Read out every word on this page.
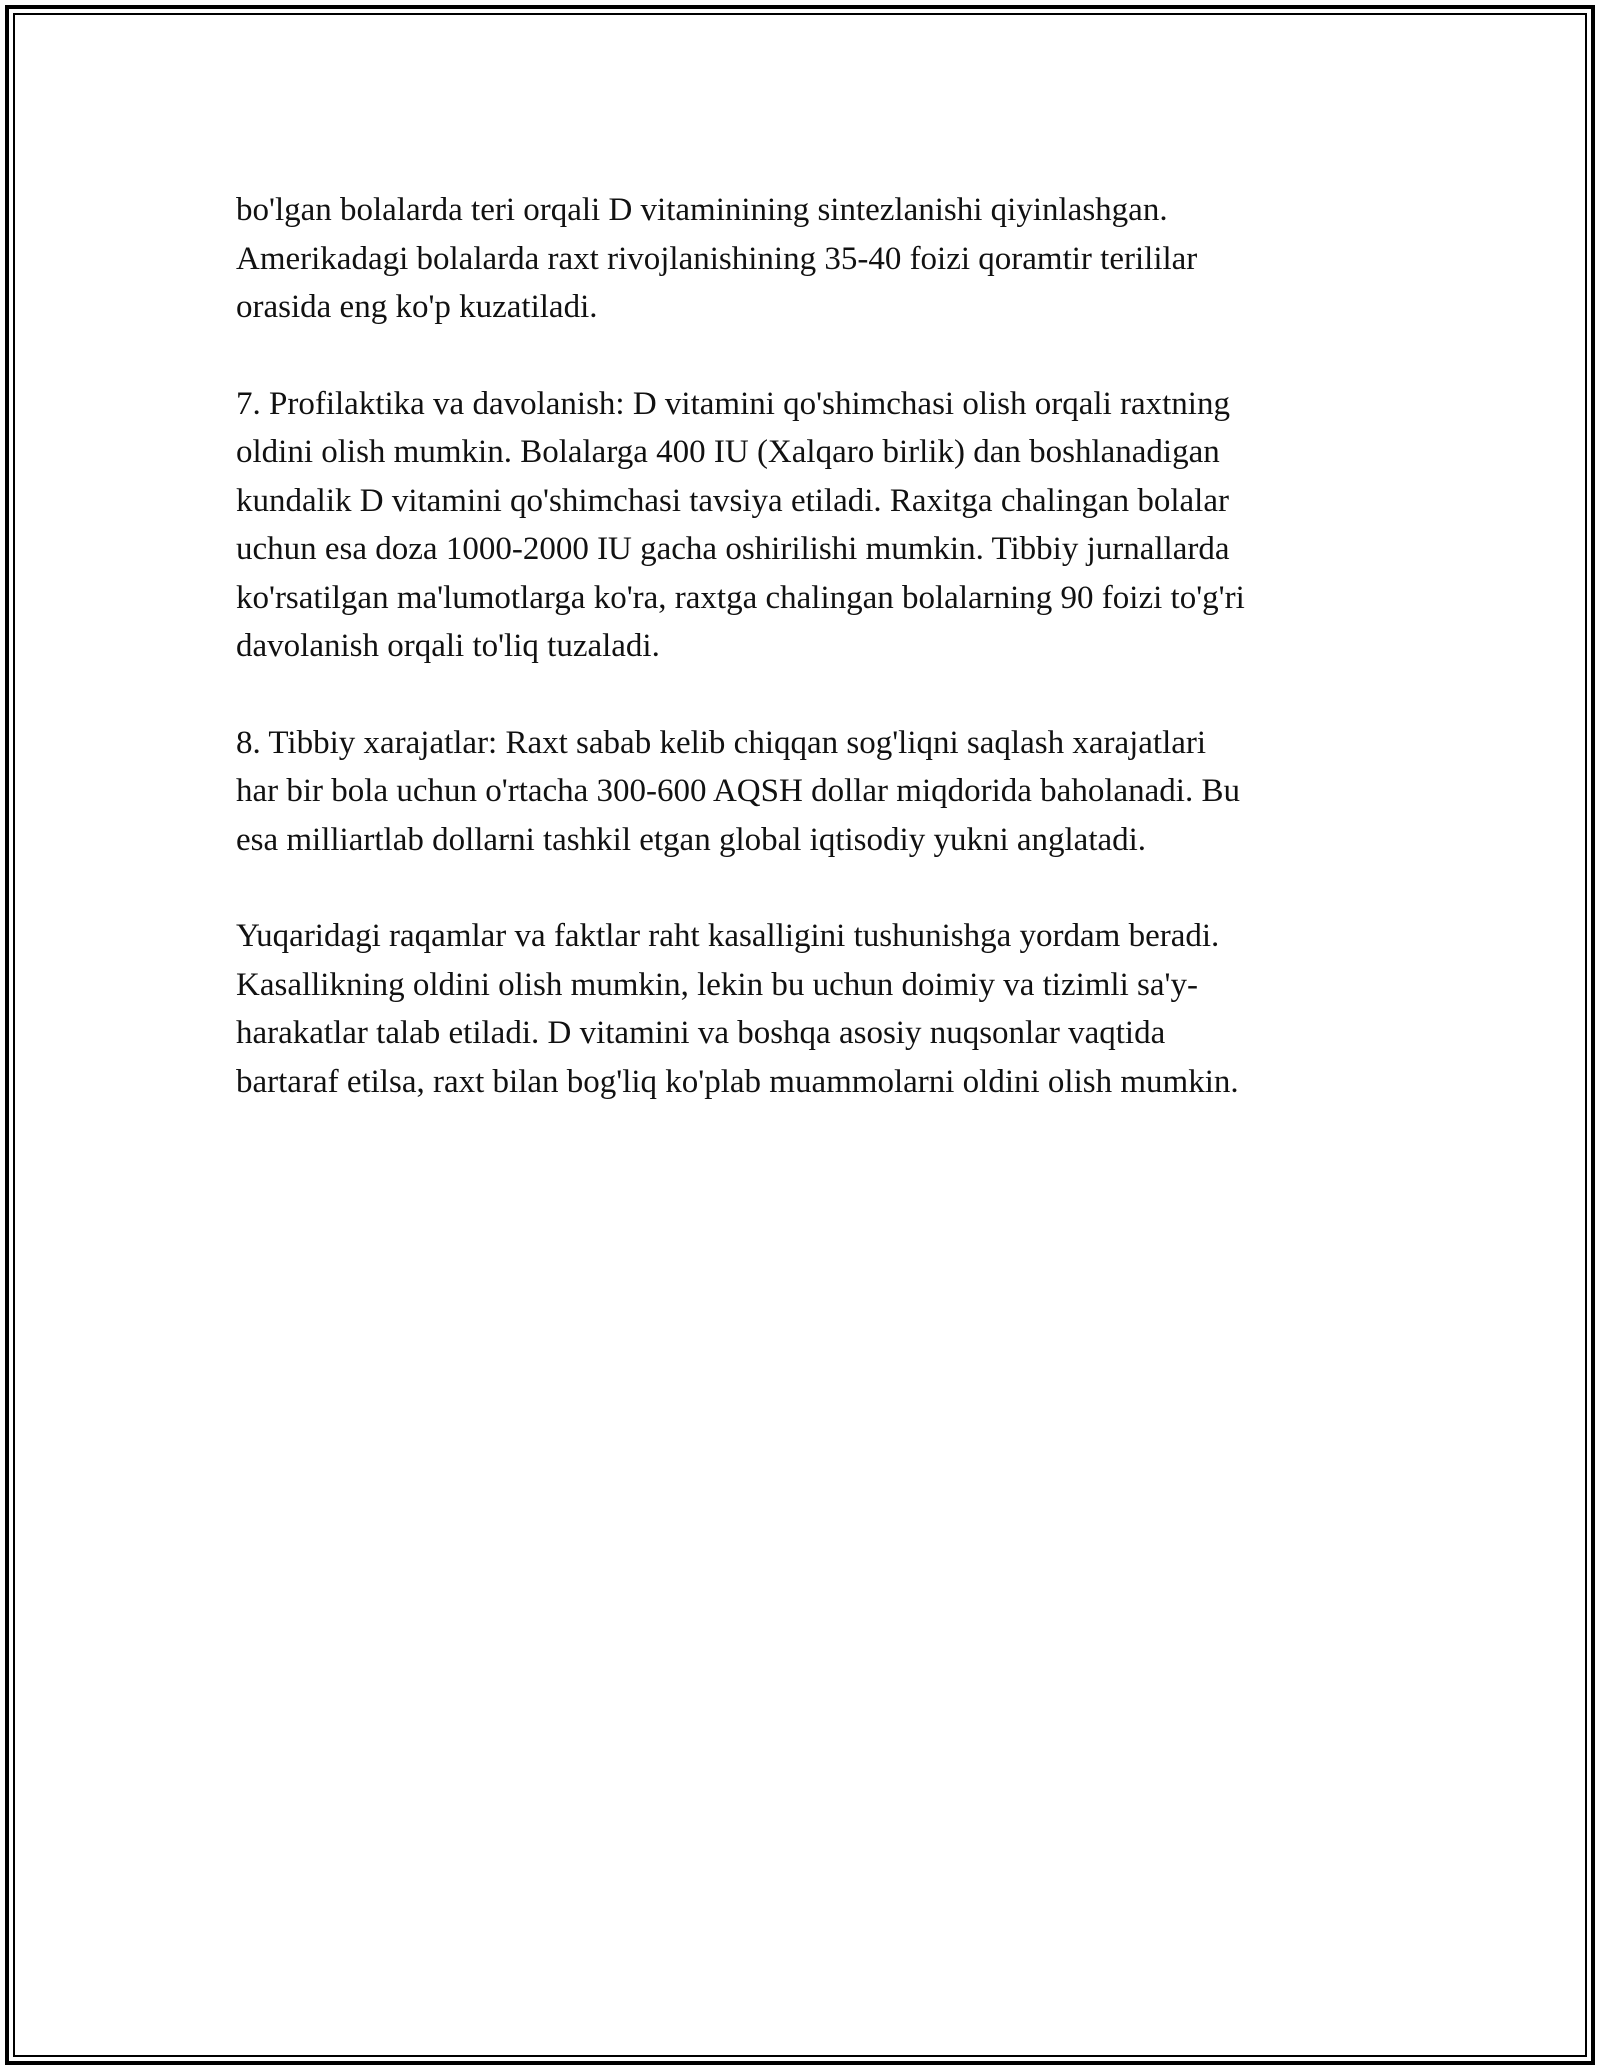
bo'lgan bolalarda teri orqali D vitaminining sintezlanishi qiyinlashgan.
Amerikadagi bolalarda raxt rivojlanishining 35-40 foizi qoramtir terililar
orasida eng ko'p kuzatiladi.

7. Profilaktika va davolanish: D vitamini qo'shimchasi olish orqali raxtning
oldini olish mumkin. Bolalarga 400 IU (Xalqaro birlik) dan boshlanadigan
kundalik D vitamini qo'shimchasi tavsiya etiladi. Raxitga chalingan bolalar
uchun esa doza 1000-2000 IU gacha oshirilishi mumkin. Tibbiy jurnallarda
ko'rsatilgan ma'lumotlarga ko'ra, raxtga chalingan bolalarning 90 foizi to'g'ri
davolanish orqali to'liq tuzaladi.

8. Tibbiy xarajatlar: Raxt sabab kelib chiqqan sog'liqni saqlash xarajatlari
har bir bola uchun o'rtacha 300-600 AQSH dollar miqdorida baholanadi. Bu
esa milliartlab dollarni tashkil etgan global iqtisodiy yukni anglatadi.

Yuqaridagi raqamlar va faktlar raht kasalligini tushunishga yordam beradi.
Kasallikning oldini olish mumkin, lekin bu uchun doimiy va tizimli sa'y-
harakatlar talab etiladi. D vitamini va boshqa asosiy nuqsonlar vaqtida
bartaraf etilsa, raxt bilan bog'liq ko'plab muammolarni oldini olish mumkin.
